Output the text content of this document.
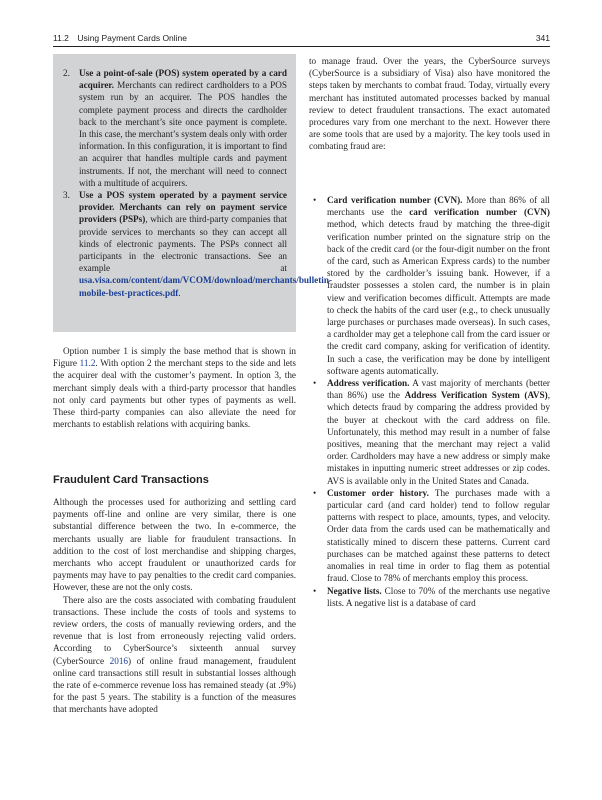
11.2 Using Payment Cards Online	341
2. Use a point-of-sale (POS) system operated by a card acquirer. Merchants can redirect cardholders to a POS system run by an acquirer. The POS handles the complete payment process and directs the cardholder back to the merchant’s site once payment is complete. In this case, the merchant’s system deals only with order information. In this configuration, it is important to find an acquirer that handles multiple cards and payment instruments. If not, the merchant will need to connect with a multitude of acquirers.
3. Use a POS system operated by a payment service provider. Merchants can rely on payment service providers (PSPs), which are third-party companies that provide services to merchants so they can accept all kinds of electronic payments. The PSPs connect all participants in the electronic transactions. See an example at usa.visa.com/content/dam/VCOM/download/merchants/bulletin-mobile-best-practices.pdf.

Option number 1 is simply the base method that is shown in Figure 11.2. With option 2 the merchant steps to the side and lets the acquirer deal with the customer’s payment. In option 3, the merchant simply deals with a third-party processor that handles not only card payments but other types of payments as well. These third-party companies can also alleviate the need for merchants to establish relations with acquiring banks.

Fraudulent Card Transactions

Although the processes used for authorizing and settling card payments off-line and online are very similar, there is one substantial difference between the two. In e-commerce, the merchants usually are liable for fraudulent transactions. In addition to the cost of lost merchandise and shipping charges, merchants who accept fraudulent or unauthorized cards for payments may have to pay penalties to the credit card companies. However, these are not the only costs.

There also are the costs associated with combating fraudulent transactions. These include the costs of tools and systems to review orders, the costs of manually reviewing orders, and the revenue that is lost from erroneously rejecting valid orders. According to CyberSource’s sixteenth annual survey (CyberSource 2016) of online fraud management, fraudulent online card transactions still result in substantial losses although the rate of e-commerce revenue loss has remained steady (at .9%) for the past 5 years. The stability is a function of the measures that merchants have adopted

to manage fraud. Over the years, the CyberSource surveys (CyberSource is a subsidiary of Visa) also have monitored the steps taken by merchants to combat fraud. Today, virtually every merchant has instituted automated processes backed by manual review to detect fraudulent transactions. The exact automated procedures vary from one merchant to the next. However there are some tools that are used by a majority. The key tools used in combating fraud are:

• Card verification number (CVN). More than 86% of all merchants use the card verification number (CVN) method, which detects fraud by matching the three-digit verification number printed on the signature strip on the back of the credit card (or the four-digit number on the front of the card, such as American Express cards) to the number stored by the cardholder’s issuing bank. However, if a fraudster possesses a stolen card, the number is in plain view and verification becomes difficult. Attempts are made to check the habits of the card user (e.g., to check unusually large purchases or purchases made overseas). In such cases, a cardholder may get a telephone call from the card issuer or the credit card company, asking for verification of identity. In such a case, the verification may be done by intelligent software agents automatically.
• Address verification. A vast majority of merchants (better than 86%) use the Address Verification System (AVS), which detects fraud by comparing the address provided by the buyer at checkout with the card address on file. Unfortunately, this method may result in a number of false positives, meaning that the merchant may reject a valid order. Cardholders may have a new address or simply make mistakes in inputting numeric street addresses or zip codes. AVS is available only in the United States and Canada.
• Customer order history. The purchases made with a particular card (and card holder) tend to follow regular patterns with respect to place, amounts, types, and velocity. Order data from the cards used can be mathematically and statistically mined to discern these patterns. Current card purchases can be matched against these patterns to detect anomalies in real time in order to flag them as potential fraud. Close to 78% of merchants employ this process.
• Negative lists. Close to 70% of the merchants use negative lists. A negative list is a database of card
